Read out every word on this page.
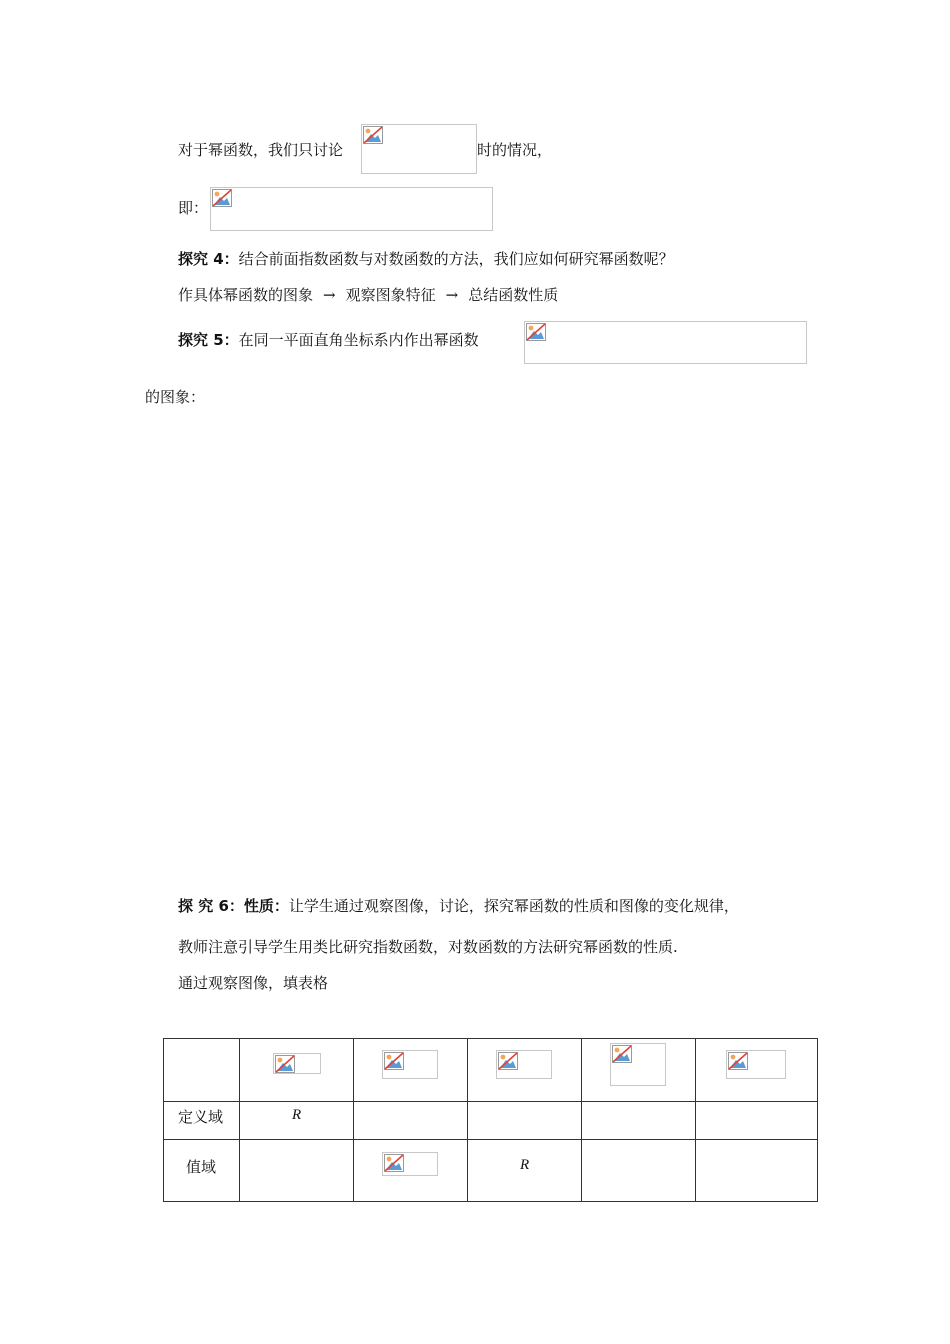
对于幂函数，我们只讨论	时的情况，
即：
探究 4：结合前面指数函数与对数函数的方法，我们应如何研究幂函数呢？
作具体幂函数的图象 → 观察图象特征 → 总结函数性质
探究 5：在同一平面直角坐标系内作出幂函数
的图象：
探 究 6：性质：让学生通过观察图像，讨论，探究幂函数的性质和图像的变化规律，
教师注意引导学生用类比研究指数函数，对数函数的方法研究幂函数的性质.
通过观察图像，填表格

定义域	R				

值域			R		
